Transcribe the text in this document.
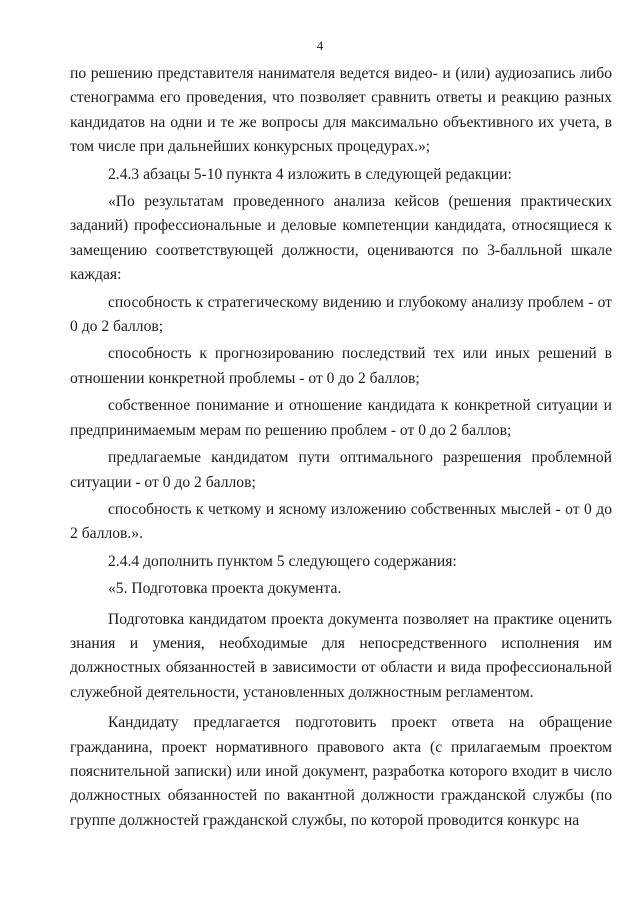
4

по решению представителя нанимателя ведется видео- и (или) аудиозапись либо стенограмма его проведения, что позволяет сравнить ответы и реакцию разных кандидатов на одни и те же вопросы для максимально объективного их учета, в том числе при дальнейших конкурсных процедурах.»;

2.4.3 абзацы 5-10 пункта 4 изложить в следующей редакции:

«По результатам проведенного анализа кейсов (решения практических заданий) профессиональные и деловые компетенции кандидата, относящиеся к замещению соответствующей должности, оцениваются по 3-балльной шкале каждая:

способность к стратегическому видению и глубокому анализу проблем - от 0 до 2 баллов;

способность к прогнозированию последствий тех или иных решений в отношении конкретной проблемы - от 0 до 2 баллов;

собственное понимание и отношение кандидата к конкретной ситуации и предпринимаемым мерам по решению проблем - от 0 до 2 баллов;

предлагаемые кандидатом пути оптимального разрешения проблемной ситуации - от 0 до 2 баллов;

способность к четкому и ясному изложению собственных мыслей - от 0 до 2 баллов.».

2.4.4 дополнить пунктом 5 следующего содержания:

«5. Подготовка проекта документа.

Подготовка кандидатом проекта документа позволяет на практике оценить знания и умения, необходимые для непосредственного исполнения им должностных обязанностей в зависимости от области и вида профессиональной служебной деятельности, установленных должностным регламентом.

Кандидату предлагается подготовить проект ответа на обращение гражданина, проект нормативного правового акта (с прилагаемым проектом пояснительной записки) или иной документ, разработка которого входит в число должностных обязанностей по вакантной должности гражданской службы (по группе должностей гражданской службы, по которой проводится конкурс на
